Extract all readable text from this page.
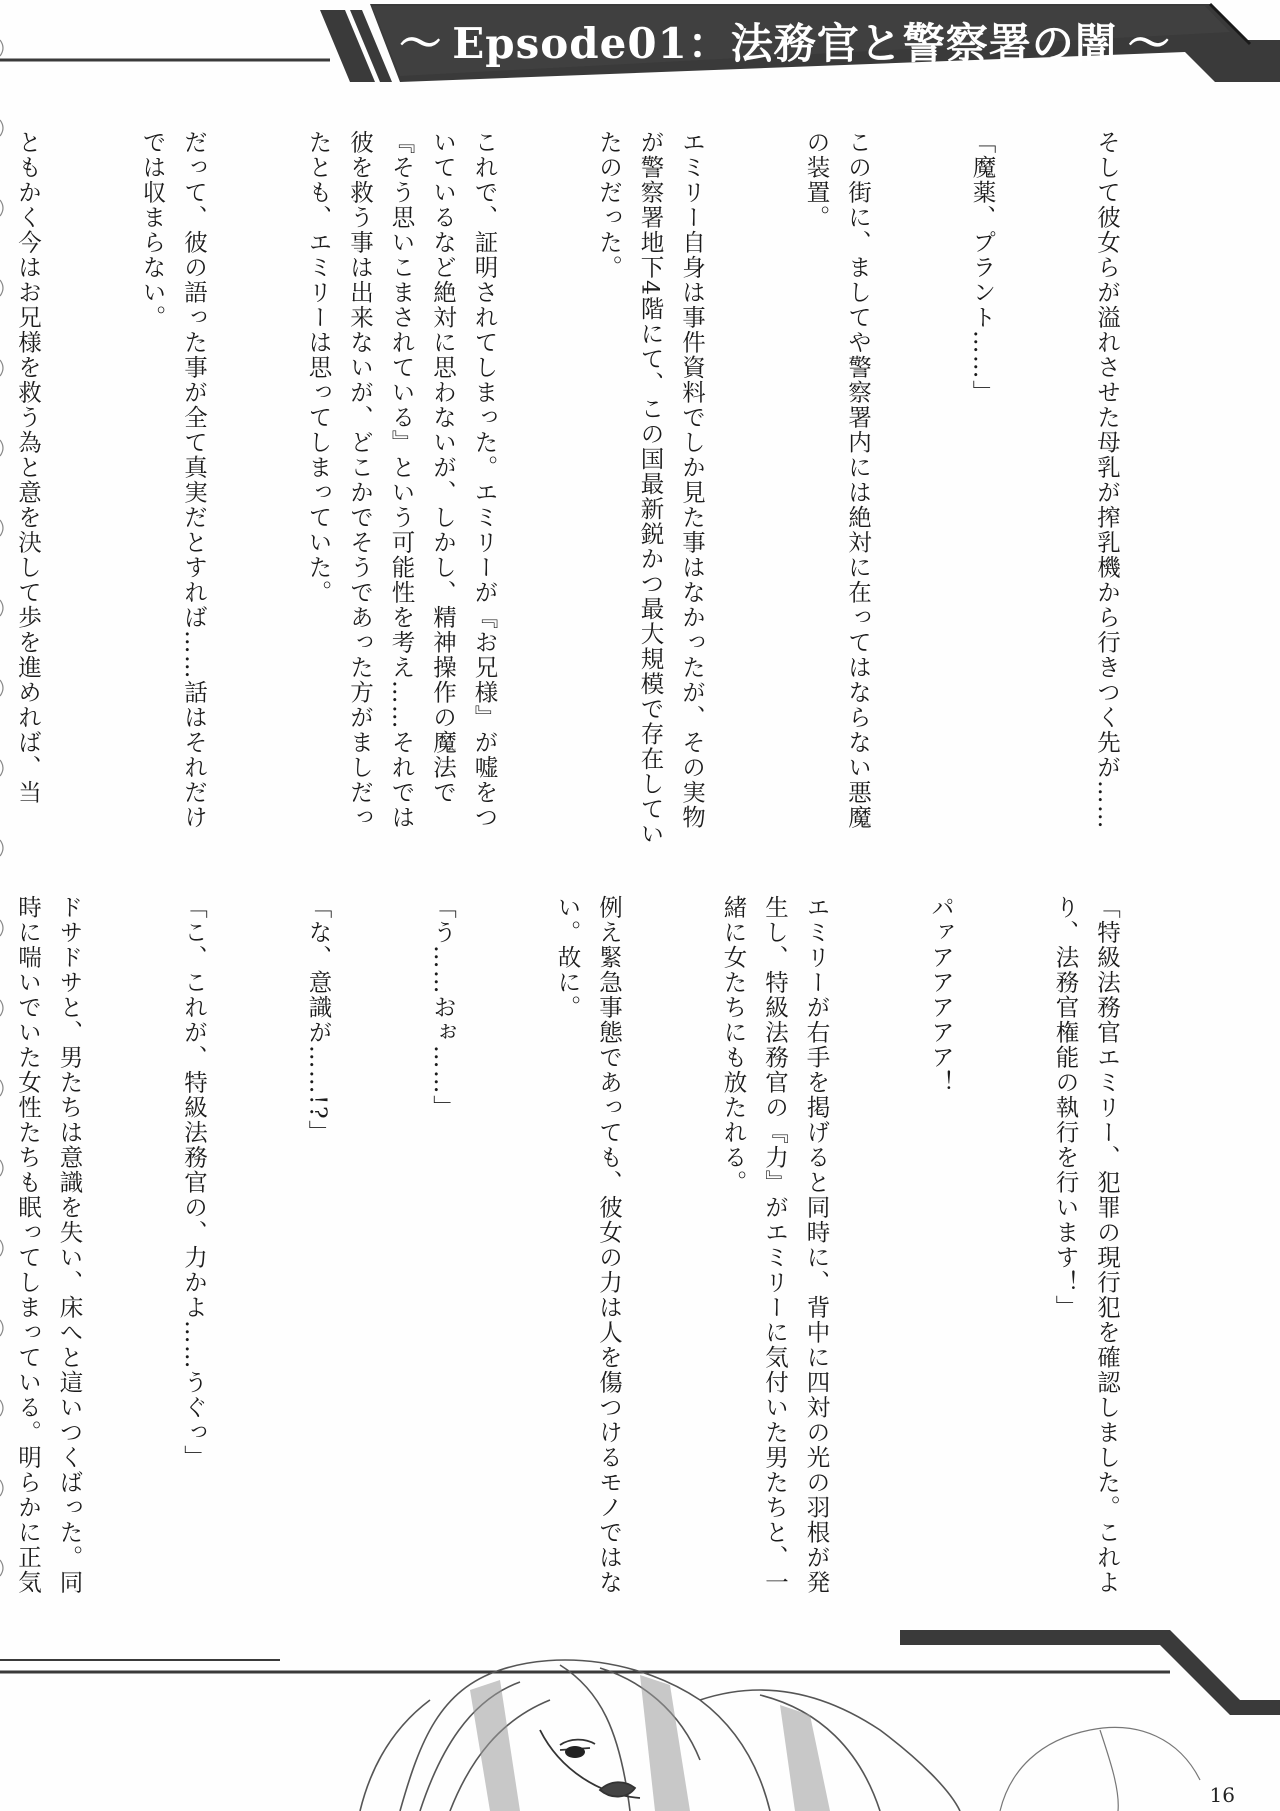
～ Epsode01：法務官と警察署の闇 ～

そして彼女らが溢れさせた母乳が搾乳機から行きつく先が……

「魔薬、プラント……」

この街に、ましてや警察署内には絶対に在ってはならない悪魔の装置。

エミリー自身は事件資料でしか見た事はなかったが、その実物が警察署地下4階にて、この国最新鋭かつ最大規模で存在していたのだった。

これで、証明されてしまった。エミリーが『お兄様』が嘘をついているなど絶対に思わないが、しかし、精神操作の魔法で『そう思いこまされている』という可能性を考え……それでは彼を救う事は出来ないが、どこかでそうであった方がましだったとも、エミリーは思ってしまっていた。

だって、彼の語った事が全て真実だとすれば……話はそれだけでは収まらない。

ともかく今はお兄様を救う為と意を決して歩を進めれば、当

「特級法務官エミリー、犯罪の現行犯を確認しました。これより、法務官権能の執行を行います！」

パァアアアアア！

エミリーが右手を掲げると同時に、背中に四対の光の羽根が発生し、特級法務官の『力』がエミリーに気付いた男たちと、一緒に女たちにも放たれる。

例え緊急事態であっても、彼女の力は人を傷つけるモノではない。故に。

「う……おぉ……」

「な、意識が……!?」

「こ、これが、特級法務官の、力かよ……うぐっ」

ドサドサと、男たちは意識を失い、床へと這いつくばった。同時に喘いでいた女性たちも眠ってしまっている。明らかに正気

16
